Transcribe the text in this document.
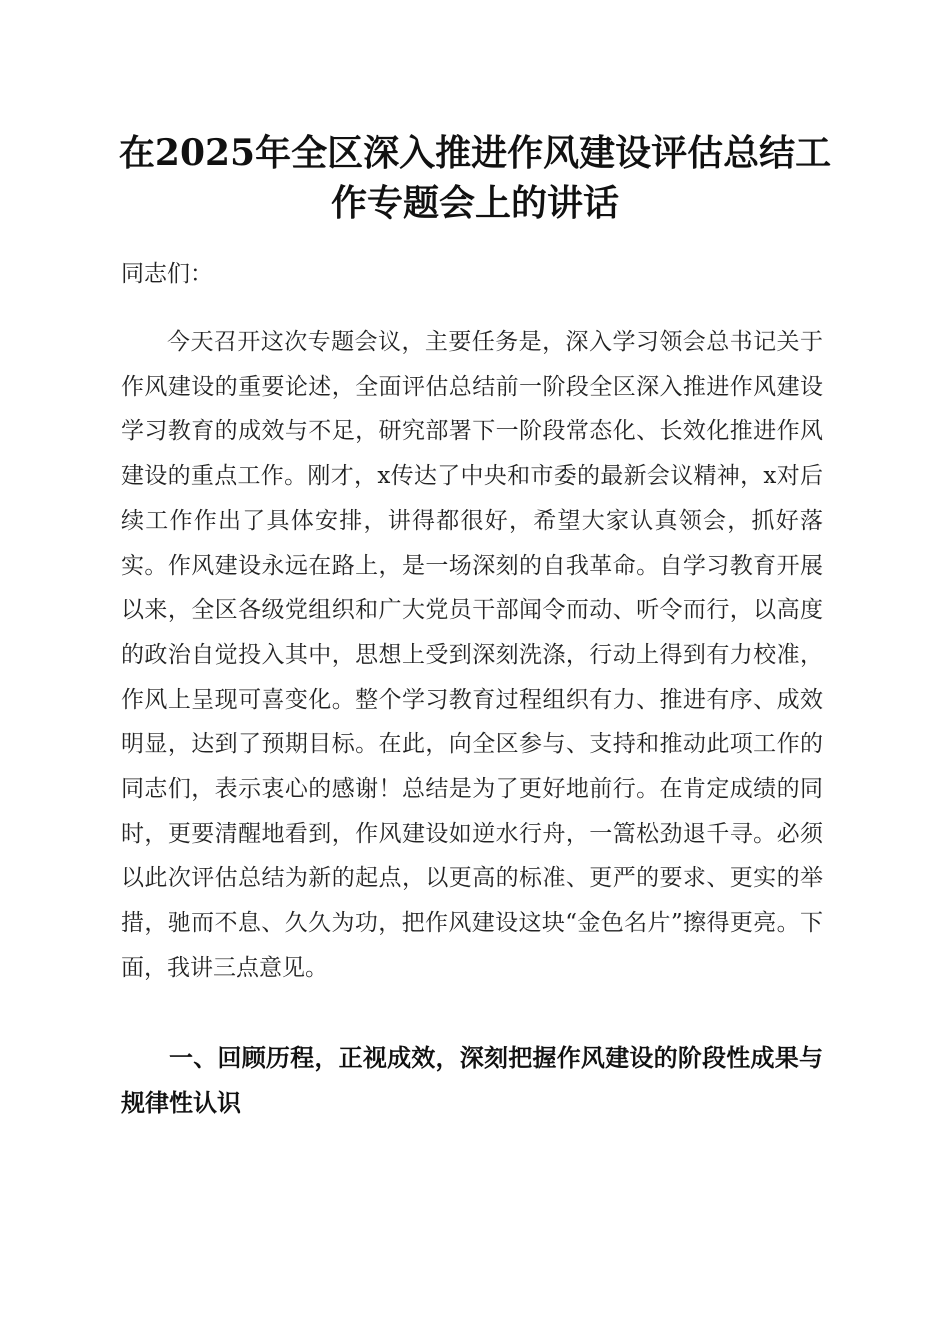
在2025年全区深入推进作风建设评估总结工作专题会上的讲话

同志们：

今天召开这次专题会议，主要任务是，深入学习领会总书记关于作风建设的重要论述，全面评估总结前一阶段全区深入推进作风建设学习教育的成效与不足，研究部署下一阶段常态化、长效化推进作风建设的重点工作。刚才，x传达了中央和市委的最新会议精神，x对后续工作作出了具体安排，讲得都很好，希望大家认真领会，抓好落实。作风建设永远在路上，是一场深刻的自我革命。自学习教育开展以来，全区各级党组织和广大党员干部闻令而动、听令而行，以高度的政治自觉投入其中，思想上受到深刻洗涤，行动上得到有力校准，作风上呈现可喜变化。整个学习教育过程组织有力、推进有序、成效明显，达到了预期目标。在此，向全区参与、支持和推动此项工作的同志们，表示衷心的感谢！总结是为了更好地前行。在肯定成绩的同时，更要清醒地看到，作风建设如逆水行舟，一篙松劲退千寻。必须以此次评估总结为新的起点，以更高的标准、更严的要求、更实的举措，驰而不息、久久为功，把作风建设这块“金色名片”擦得更亮。下面，我讲三点意见。

一、回顾历程，正视成效，深刻把握作风建设的阶段性成果与规律性认识
